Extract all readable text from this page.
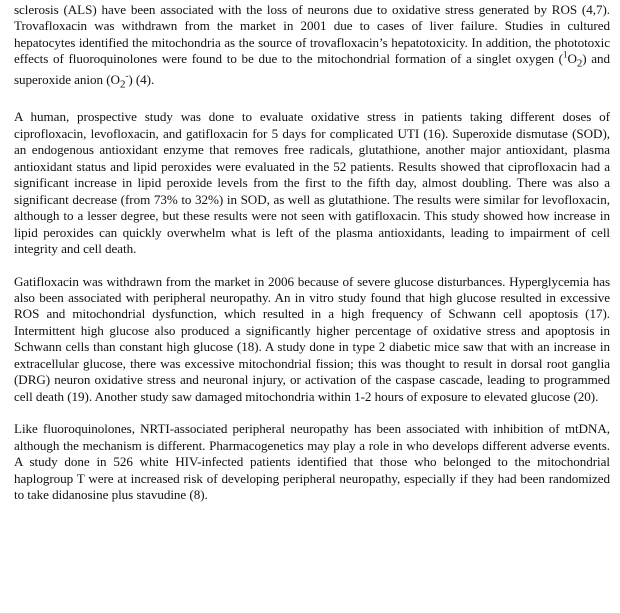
sclerosis (ALS) have been associated with the loss of neurons due to oxidative stress generated by ROS (4,7). Trovafloxacin was withdrawn from the market in 2001 due to cases of liver failure. Studies in cultured hepatocytes identified the mitochondria as the source of trovafloxacin’s hepatotoxicity. In addition, the phototoxic effects of fluoroquinolones were found to be due to the mitochondrial formation of a singlet oxygen $(^1O_2)$ and superoxide anion $(O_2^-)$ (4).

A human, prospective study was done to evaluate oxidative stress in patients taking different doses of ciprofloxacin, levofloxacin, and gatifloxacin for 5 days for complicated UTI (16). Superoxide dismutase (SOD), an endogenous antioxidant enzyme that removes free radicals, glutathione, another major antioxidant, plasma antioxidant status and lipid peroxides were evaluated in the 52 patients. Results showed that ciprofloxacin had a significant increase in lipid peroxide levels from the first to the fifth day, almost doubling. There was also a significant decrease (from 73% to 32%) in SOD, as well as glutathione. The results were similar for levofloxacin, although to a lesser degree, but these results were not seen with gatifloxacin. This study showed how increase in lipid peroxides can quickly overwhelm what is left of the plasma antioxidants, leading to impairment of cell integrity and cell death.

Gatifloxacin was withdrawn from the market in 2006 because of severe glucose disturbances. Hyperglycemia has also been associated with peripheral neuropathy. An in vitro study found that high glucose resulted in excessive ROS and mitochondrial dysfunction, which resulted in a high frequency of Schwann cell apoptosis (17). Intermittent high glucose also produced a significantly higher percentage of oxidative stress and apoptosis in Schwann cells than constant high glucose (18). A study done in type 2 diabetic mice saw that with an increase in extracellular glucose, there was excessive mitochondrial fission; this was thought to result in dorsal root ganglia (DRG) neuron oxidative stress and neuronal injury, or activation of the caspase cascade, leading to programmed cell death (19). Another study saw damaged mitochondria within 1-2 hours of exposure to elevated glucose (20).

Like fluoroquinolones, NRTI-associated peripheral neuropathy has been associated with inhibition of mtDNA, although the mechanism is different. Pharmacogenetics may play a role in who develops different adverse events. A study done in 526 white HIV-infected patients identified that those who belonged to the mitochondrial haplogroup T were at increased risk of developing peripheral neuropathy, especially if they had been randomized to take didanosine plus stavudine (8).
